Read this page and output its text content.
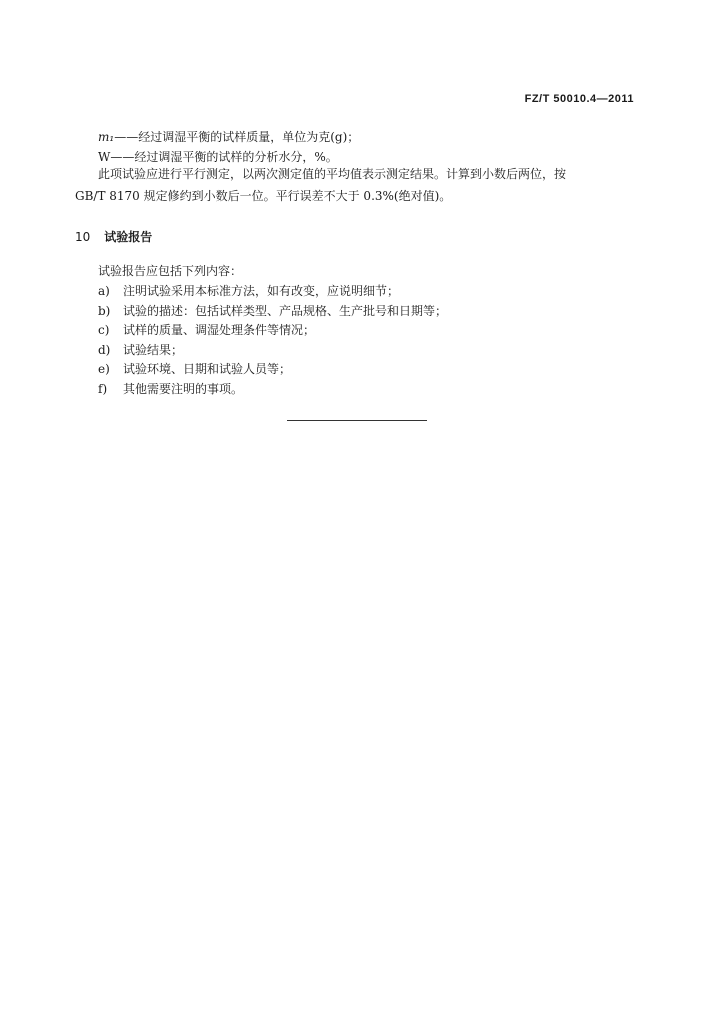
FZ/T 50010.4—2011
m₁——经过调湿平衡的试样质量，单位为克(g)；
W——经过调湿平衡的试样的分析水分，%。
此项试验应进行平行测定，以两次测定值的平均值表示测定结果。计算到小数后两位，按
GB/T 8170 规定修约到小数后一位。平行误差不大于 0.3%(绝对值)。
10 试验报告
试验报告应包括下列内容：
a) 注明试验采用本标准方法，如有改变，应说明细节；
b) 试验的描述：包括试样类型、产品规格、生产批号和日期等；
c) 试样的质量、调湿处理条件等情况；
d) 试验结果；
e) 试验环境、日期和试验人员等；
f) 其他需要注明的事项。
